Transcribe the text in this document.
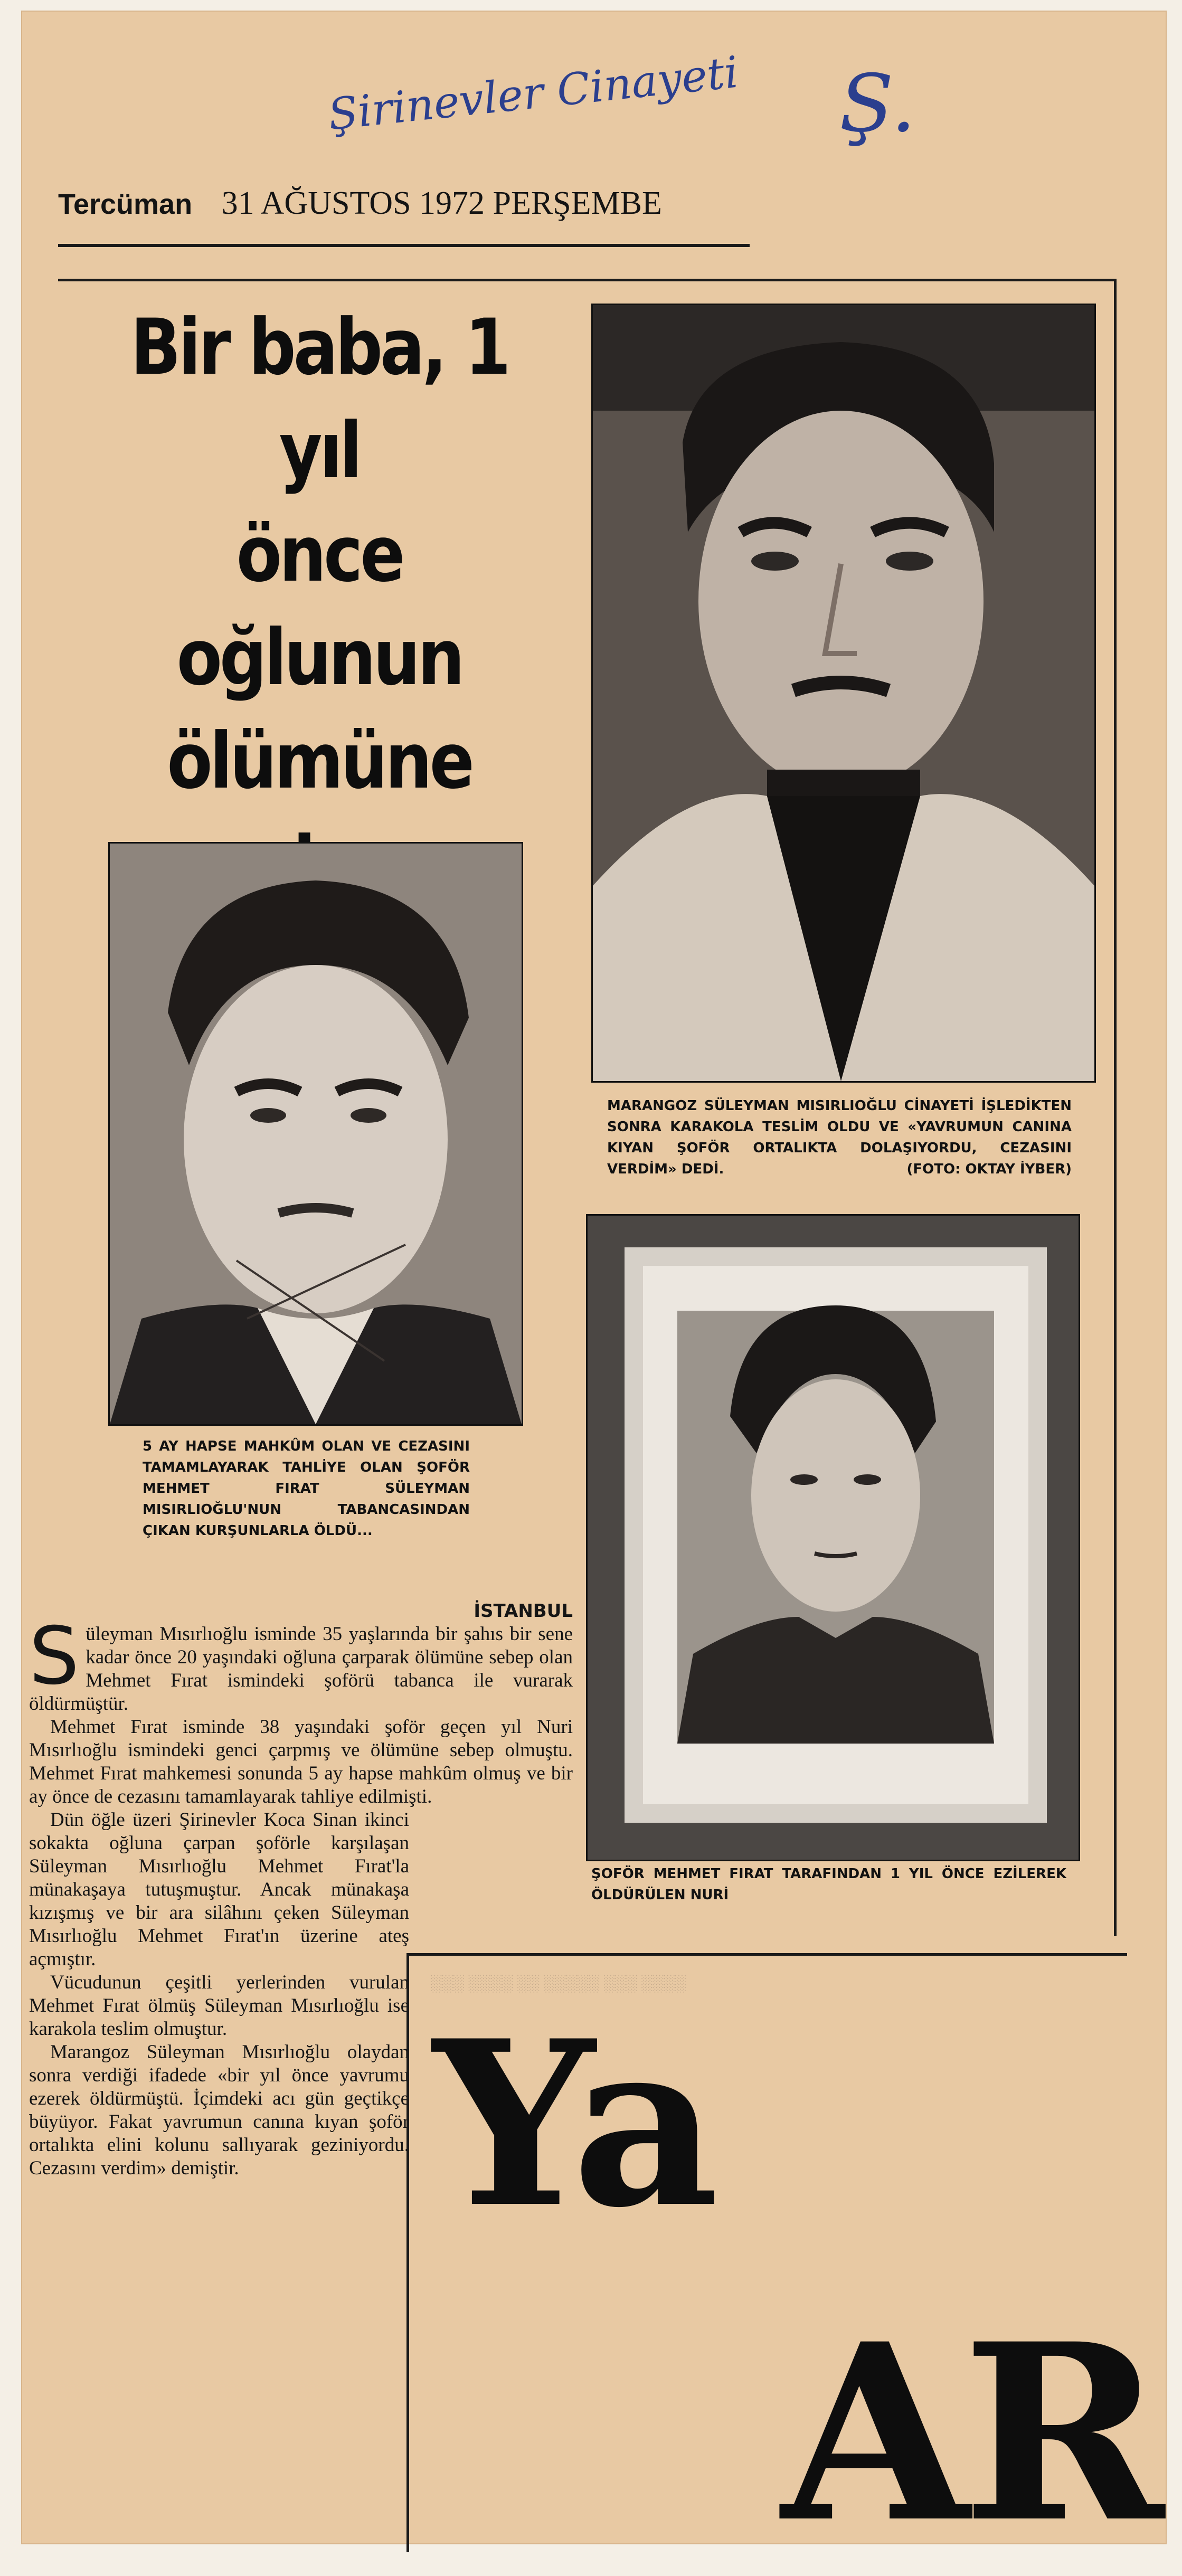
Şirinevler Cinayeti Ş.
Tercüman 31 AĞUSTOS 1972 PERŞEMBE
Bir baba, 1 yıl
önce oğlunun
ölümüne
MARANGOZ SÜLEYMAN MISIRLIOĞLU CİNAYETİ İŞLEDİKTEN SONRA KARAKOLA TESLİM OLDU VE «YAVRUMUN CANINA KIYAN ŞOFÖR ORTALIKTA DOLAŞIYORDU, CEZASINI VERDİM» DEDİ.	(FOTO: OKTAY İYBER)
5 AY HAPSE MAHKÛM OLAN VE CEZASINI TAMAMLAYARAK TAHLİYE OLAN ŞOFÖR MEHMET FIRAT SÜLEYMAN MISIRLIOĞLU'NUN TABANCASINDAN ÇIKAN KURŞUNLARLA ÖLDÜ...
ŞOFÖR MEHMET FIRAT TARAFINDAN 1 YIL ÖNCE EZİLEREK ÖLDÜRÜLEN NURİ
İSTANBUL

Süleyman Mısırlıoğlu isminde 35 yaşlarında bir şahıs bir sene kadar önce 20 yaşındaki oğluna çarparak ölümüne sebep olan Mehmet Fırat ismindeki şoförü tabanca ile vurarak öldürmüştür.

Mehmet Fırat isminde 38 yaşındaki şoför geçen yıl Nuri Mısırlıoğlu ismindeki genci çarpmış ve ölümüne sebep olmuştu. Mehmet Fırat mahkemesi sonunda 5 ay hapse mahkûm olmuş ve bir ay önce de cezasını tamamlayarak tahliye edilmişti.

Dün öğle üzeri Şirinevler Koca Sinan ikinci sokakta oğluna çarpan şoförle karşılaşan Süleyman Mısırlıoğlu Mehmet Fırat'la münakaşaya tutuşmuştur. Ancak münakaşa kızışmış ve bir ara silâhını çeken Süleyman Mısırlıoğlu Mehmet Fırat'ın üzerine ateş açmıştır.

Vücudunun çeşitli yerlerinden vurulan Mehmet Fırat ölmüş Süleyman Mısırlıoğlu ise karakola teslim olmuştur.

Marangoz Süleyman Mısırlıoğlu olaydan sonra verdiği ifadede «bir yıl önce yavrumu ezerek öldürmüştü. İçimdeki acı gün geçtikçe büyüyor. Fakat yavrumun canına kıyan şoför ortalıkta elini kolunu sallıyarak geziniyordu. Cezasını verdim» demiştir.

░░░ ░░░░ ░░ ░░░░░ ░░░ ░░░░
Ya
AR
